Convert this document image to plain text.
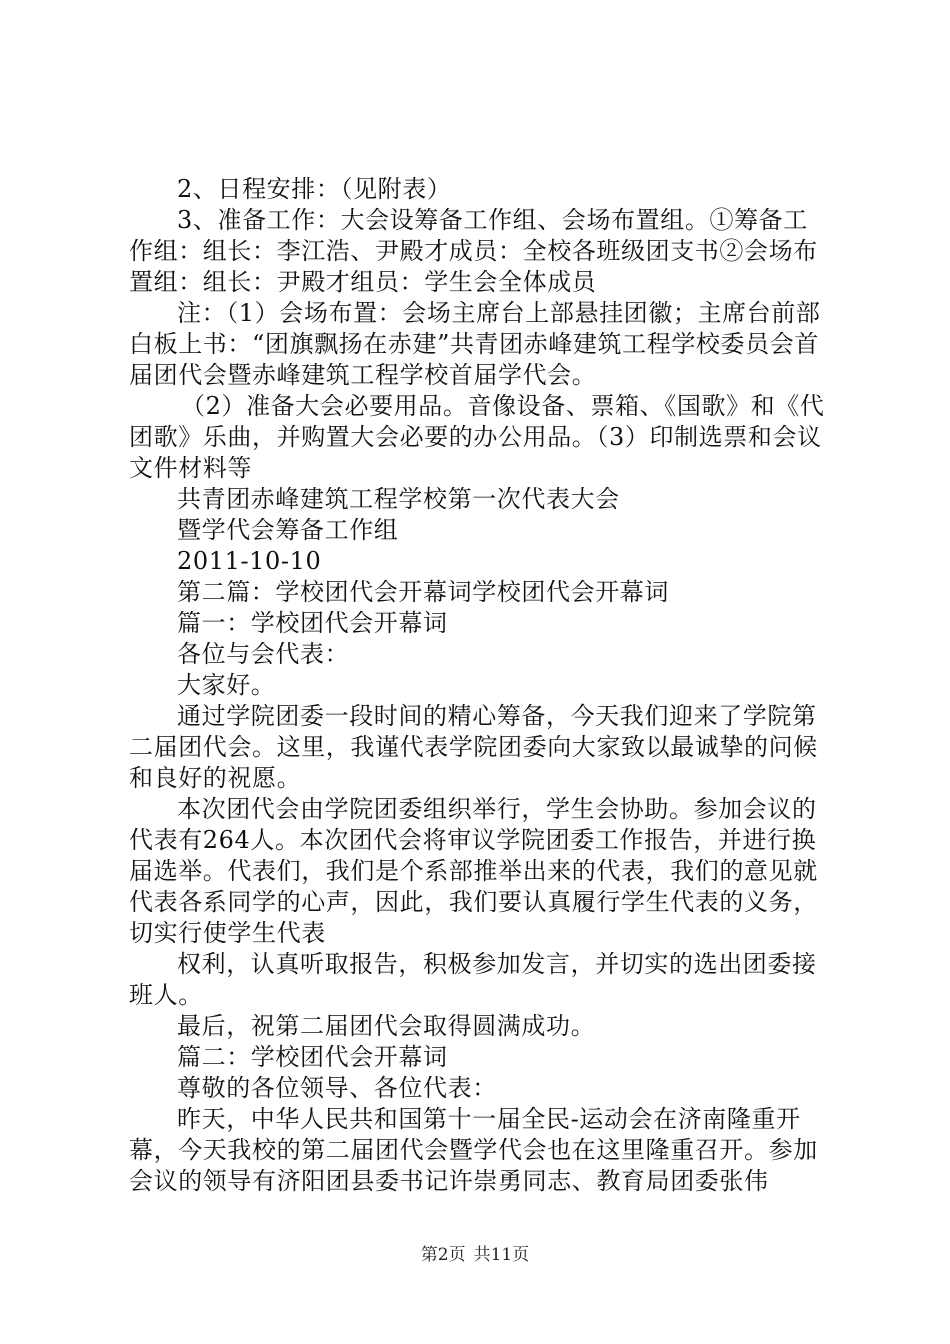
2、日程安排：（见附表）

3、准备工作：大会设筹备工作组、会场布置组。①筹备工作组：组长：李江浩、尹殿才成员：全校各班级团支书②会场布置组：组长：尹殿才组员：学生会全体成员

注：（1）会场布置：会场主席台上部悬挂团徽；主席台前部白板上书：“团旗飘扬在赤建”共青团赤峰建筑工程学校委员会首届团代会暨赤峰建筑工程学校首届学代会。

（2）准备大会必要用品。音像设备、票箱、《国歌》和《代团歌》乐曲，并购置大会必要的办公用品。（3）印制选票和会议文件材料等

共青团赤峰建筑工程学校第一次代表大会

暨学代会筹备工作组

2011-10-10

第二篇：学校团代会开幕词学校团代会开幕词

篇一：学校团代会开幕词

各位与会代表：

大家好。

通过学院团委一段时间的精心筹备，今天我们迎来了学院第二届团代会。这里，我谨代表学院团委向大家致以最诚挚的问候和良好的祝愿。

本次团代会由学院团委组织举行，学生会协助。参加会议的代表有264人。本次团代会将审议学院团委工作报告，并进行换届选举。代表们，我们是个系部推举出来的代表，我们的意见就代表各系同学的心声，因此，我们要认真履行学生代表的义务，切实行使学生代表

权利，认真听取报告，积极参加发言，并切实的选出团委接班人。

最后，祝第二届团代会取得圆满成功。

篇二：学校团代会开幕词

尊敬的各位领导、各位代表：

昨天，中华人民共和国第十一届全民-运动会在济南隆重开幕，今天我校的第二届团代会暨学代会也在这里隆重召开。参加会议的领导有济阳团县委书记许崇勇同志、教育局团委张伟

第2页 共11页
